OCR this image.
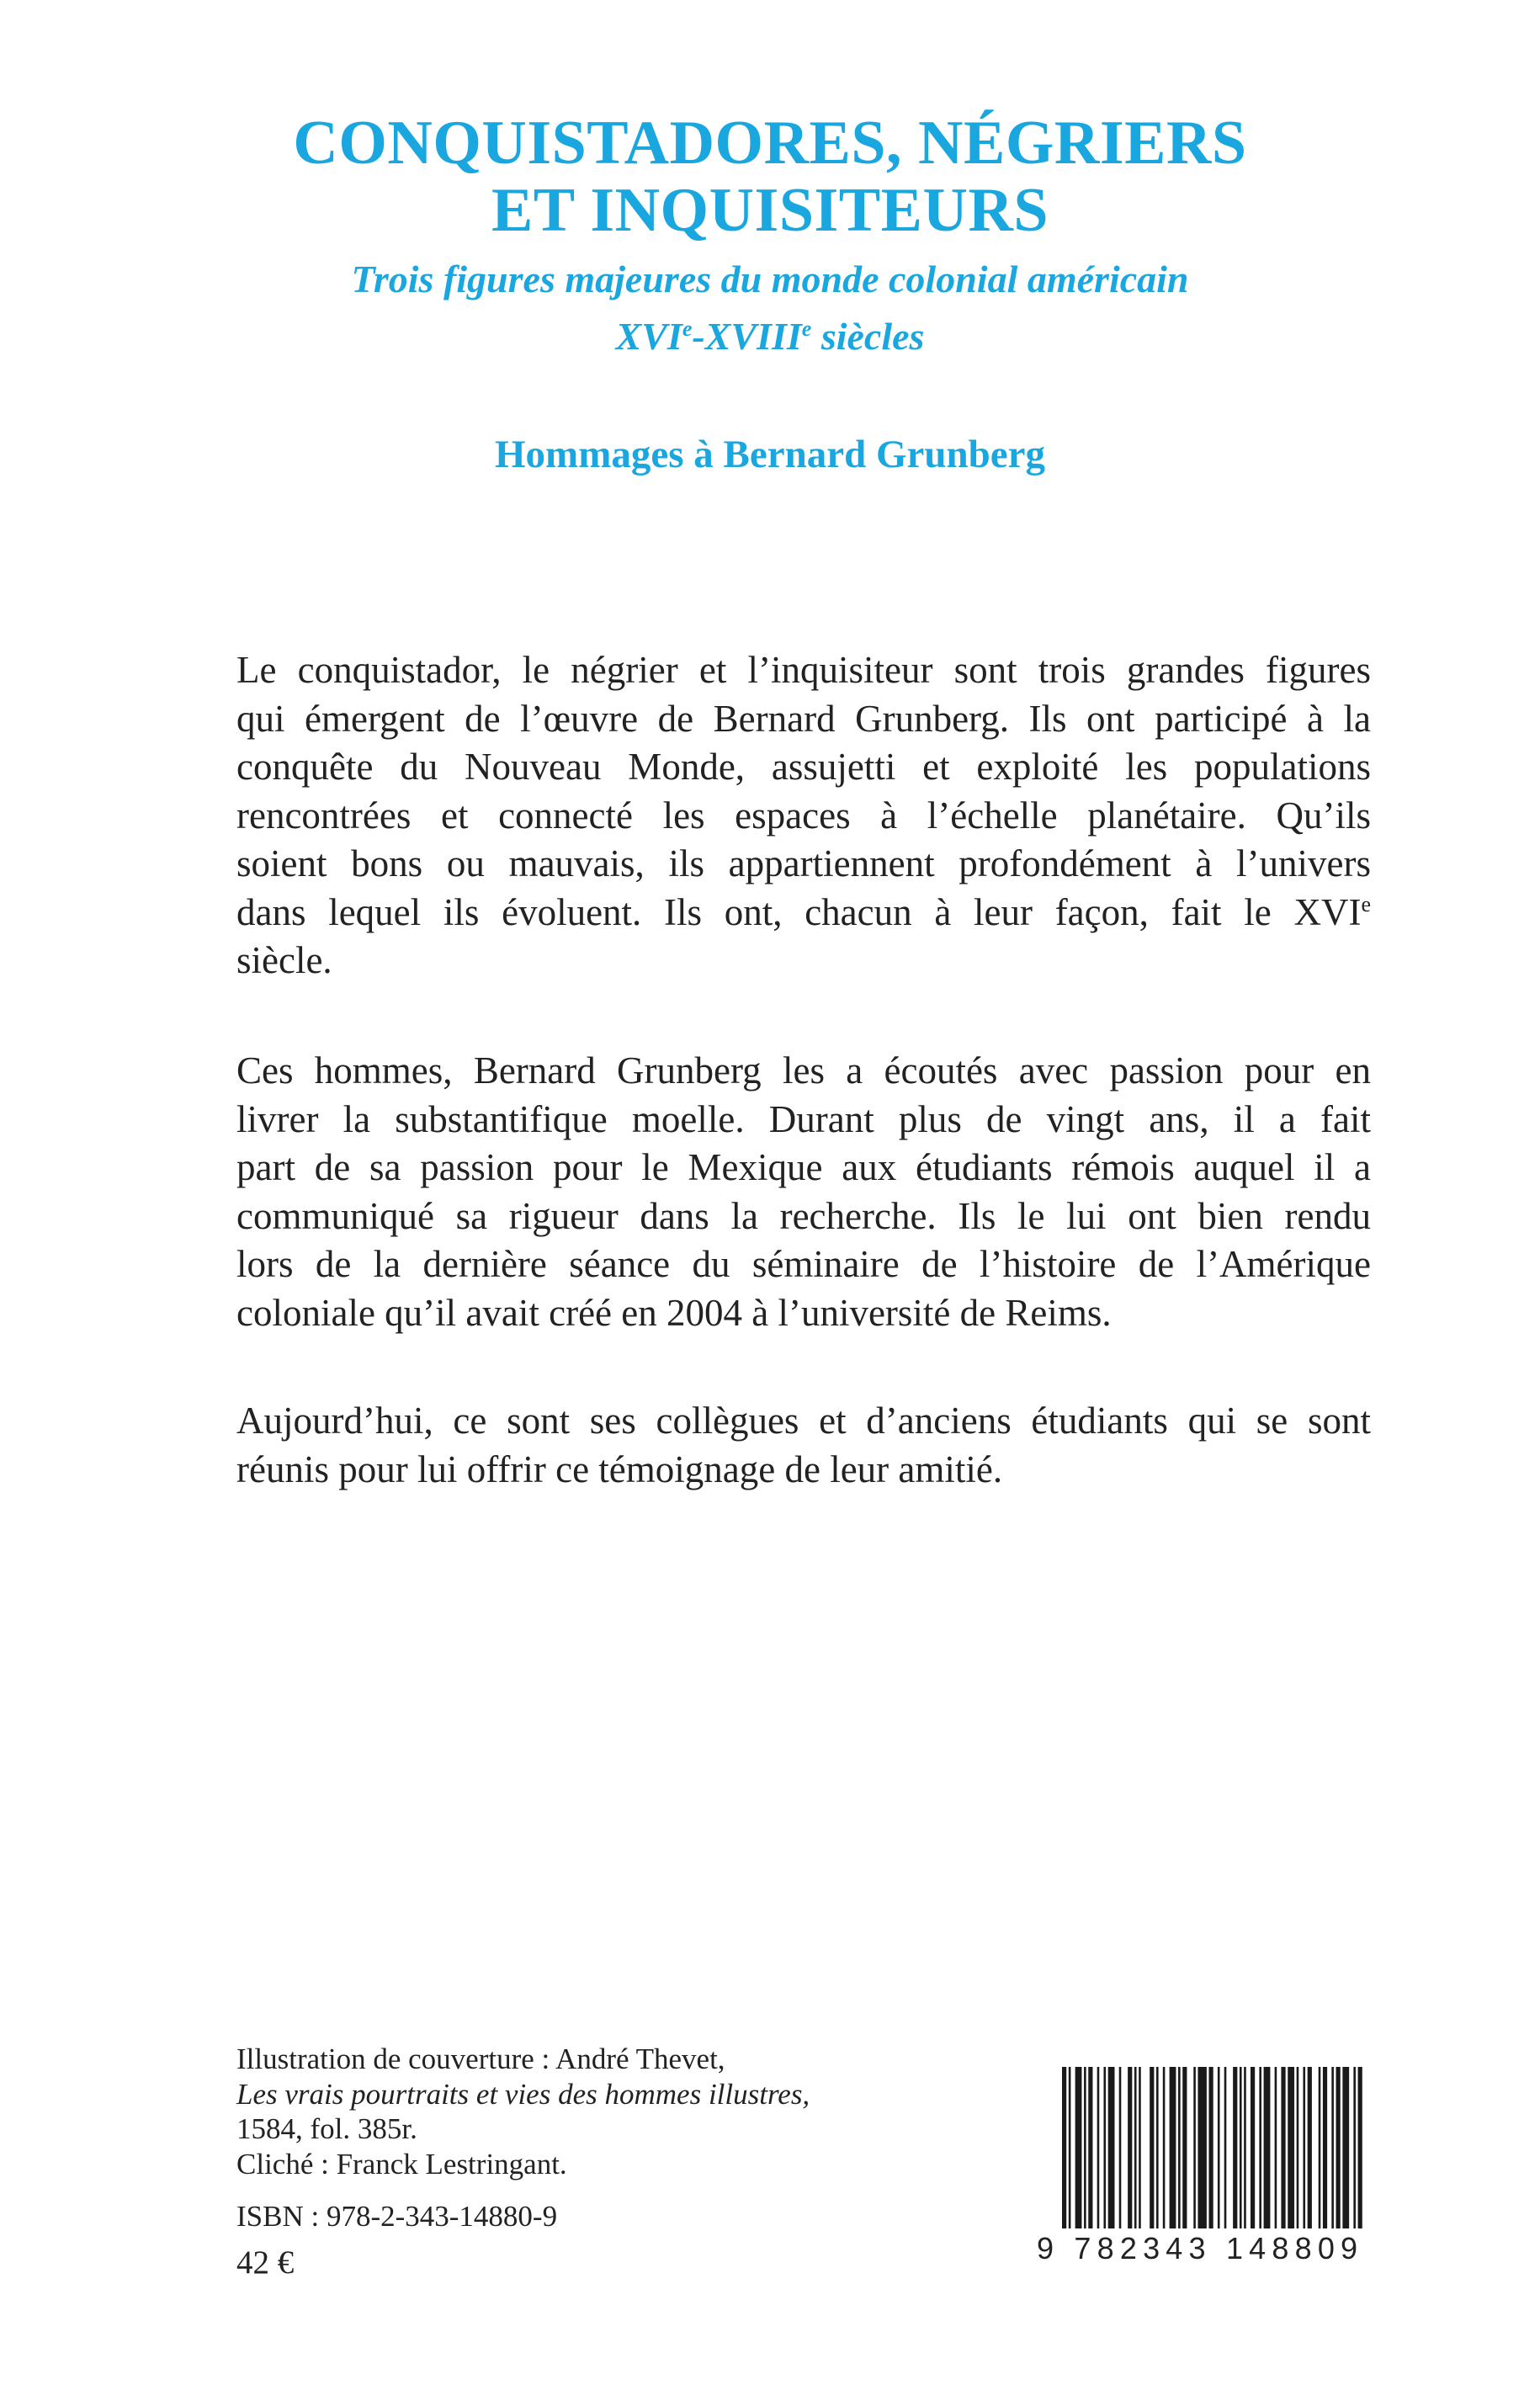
CONQUISTADORES, NÉGRIERS
ET INQUISITEURS
Trois figures majeures du monde colonial américain
XVIe-XVIIIe siècles
Hommages à Bernard Grunberg
Le conquistador, le négrier et l’inquisiteur sont trois grandes figures
qui émergent de l’œuvre de Bernard Grunberg. Ils ont participé à la
conquête du Nouveau Monde, assujetti et exploité les populations
rencontrées et connecté les espaces à l’échelle planétaire. Qu’ils
soient bons ou mauvais, ils appartiennent profondément à l’univers
dans lequel ils évoluent. Ils ont, chacun à leur façon, fait le XVIe
siècle.
Ces hommes, Bernard Grunberg les a écoutés avec passion pour en
livrer la substantifique moelle. Durant plus de vingt ans, il a fait
part de sa passion pour le Mexique aux étudiants rémois auquel il a
communiqué sa rigueur dans la recherche. Ils le lui ont bien rendu
lors de la dernière séance du séminaire de l’histoire de l’Amérique
coloniale qu’il avait créé en 2004 à l’université de Reims.
Aujourd’hui, ce sont ses collègues et d’anciens étudiants qui se sont
réunis pour lui offrir ce témoignage de leur amitié.
Illustration de couverture : André Thevet,
Les vrais pourtraits et vies des hommes illustres,
1584, fol. 385r.
Cliché : Franck Lestringant.
ISBN : 978-2-343-14880-9
42 €	9 782343 148809
